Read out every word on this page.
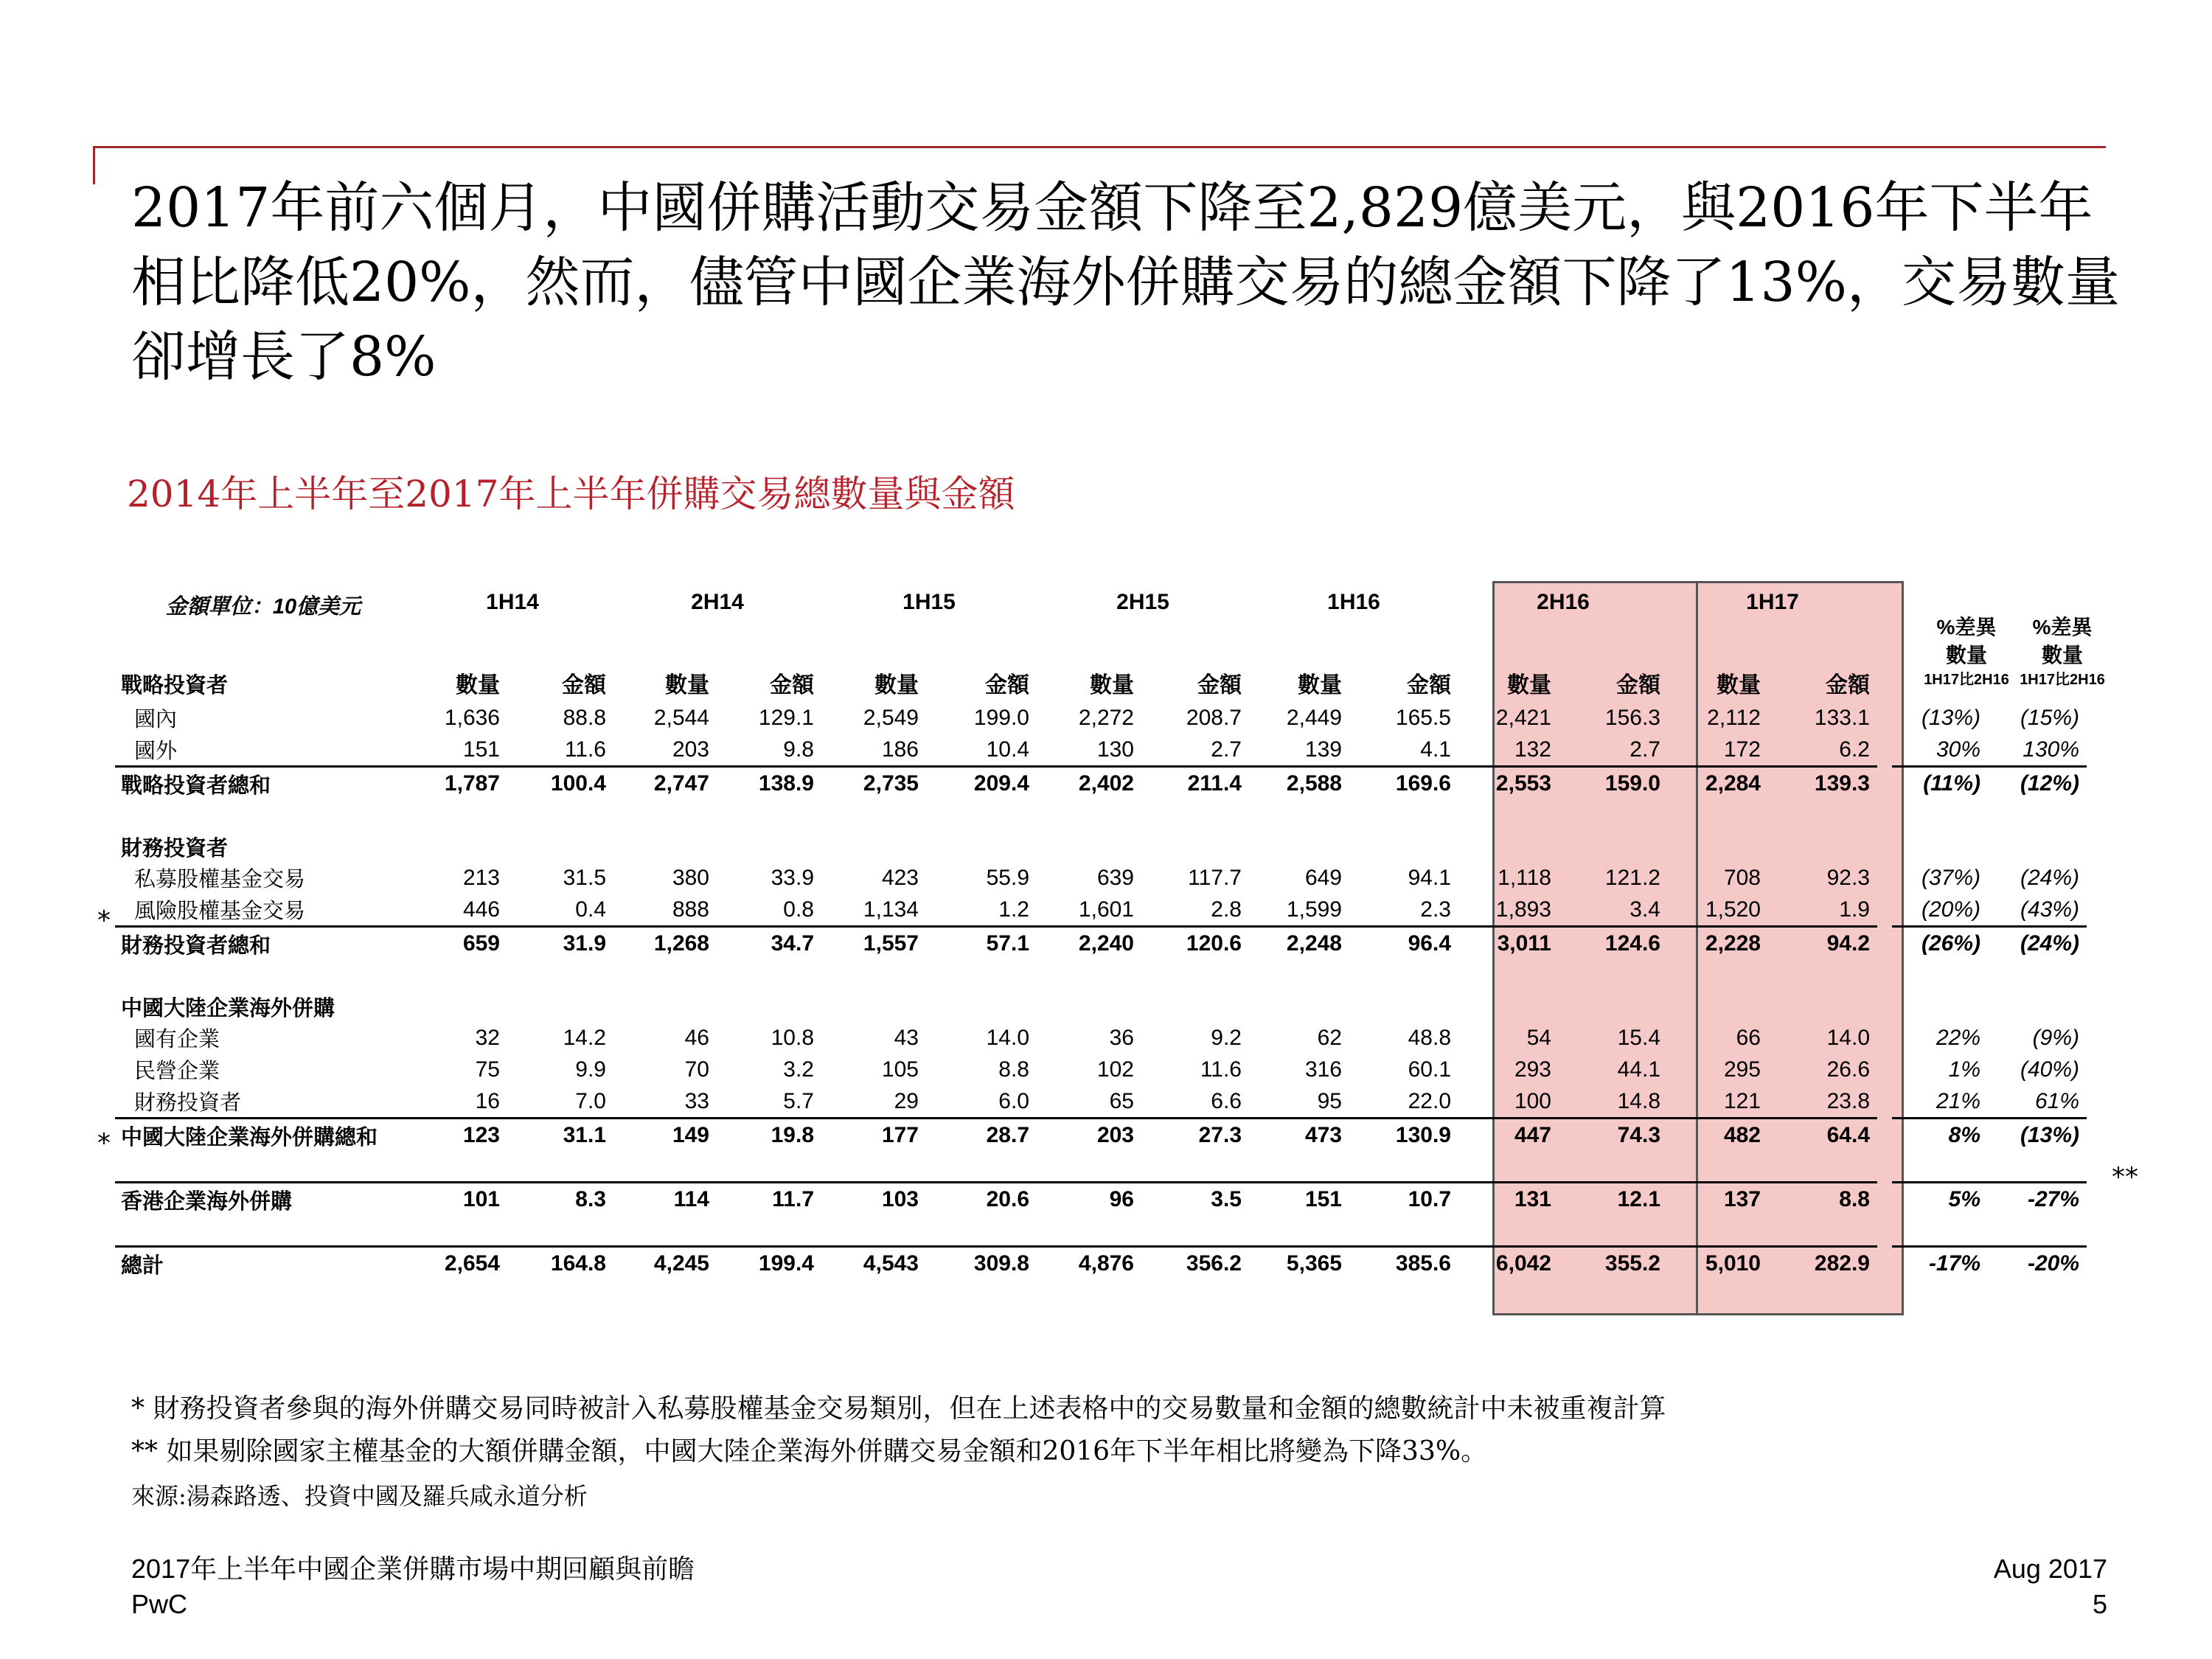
2017年前六個月，中國併購活動交易金額下降至2,829億美元，與2016年下半年相比降低20%，然而，儘管中國企業海外併購交易的總金額下降了13%，交易數量卻增長了8%
2014年上半年至2017年上半年併購交易總數量與金額
%差異
數量
1H17比2H16
%差異
數量
1H17比2H16
金額單位：10億美元	1H14		2H14		1H15		2H15		1H16		2H16		1H17				
戰略投資者	數量	金額	數量	金額	數量	金額	數量	金額	數量	金額	數量	金額	數量	金額			
國內	1,636	88.8	2,544	129.1	2,549	199.0	2,272	208.7	2,449	165.5	2,421	156.3	2,112	133.1		(13%)	(15%)
國外	151	11.6	203	9.8	186	10.4	130	2.7	139	4.1	132	2.7	172	6.2		30%	130%
戰略投資者總和	1,787	100.4	2,747	138.9	2,735	209.4	2,402	211.4	2,588	169.6	2,553	159.0	2,284	139.3		(11%)	(12%)

財務投資者																	
私募股權基金交易	213	31.5	380	33.9	423	55.9	639	117.7	649	94.1	1,118	121.2	708	92.3		(37%)	(24%)
風險股權基金交易	446	0.4	888	0.8	1,134	1.2	1,601	2.8	1,599	2.3	1,893	3.4	1,520	1.9		(20%)	(43%)
財務投資者總和	659	31.9	1,268	34.7	1,557	57.1	2,240	120.6	2,248	96.4	3,011	124.6	2,228	94.2		(26%)	(24%)

中國大陸企業海外併購																	
國有企業	32	14.2	46	10.8	43	14.0	36	9.2	62	48.8	54	15.4	66	14.0		22%	(9%)
民營企業	75	9.9	70	3.2	105	8.8	102	11.6	316	60.1	293	44.1	295	26.6		1%	(40%)
財務投資者	16	7.0	33	5.7	29	6.0	65	6.6	95	22.0	100	14.8	121	23.8		21%	61%
中國大陸企業海外併購總和	123	31.1	149	19.8	177	28.7	203	27.3	473	130.9	447	74.3	482	64.4		8%	(13%)

香港企業海外併購	101	8.3	114	11.7	103	20.6	96	3.5	151	10.7	131	12.1	137	8.8		5%	-27%

總計	2,654	164.8	4,245	199.4	4,543	309.8	4,876	356.2	5,365	385.6	6,042	355.2	5,010	282.9		-17%	-20%
*
*
**
* 財務投資者參與的海外併購交易同時被計入私募股權基金交易類別，但在上述表格中的交易數量和金額的總數統計中未被重複計算
** 如果剔除國家主權基金的大額併購金額，中國大陸企業海外併購交易金額和2016年下半年相比將變為下降33%。
來源:湯森路透、投資中國及羅兵咸永道分析
2017年上半年中國企業併購市場中期回顧與前瞻
PwC
Aug 2017
5
